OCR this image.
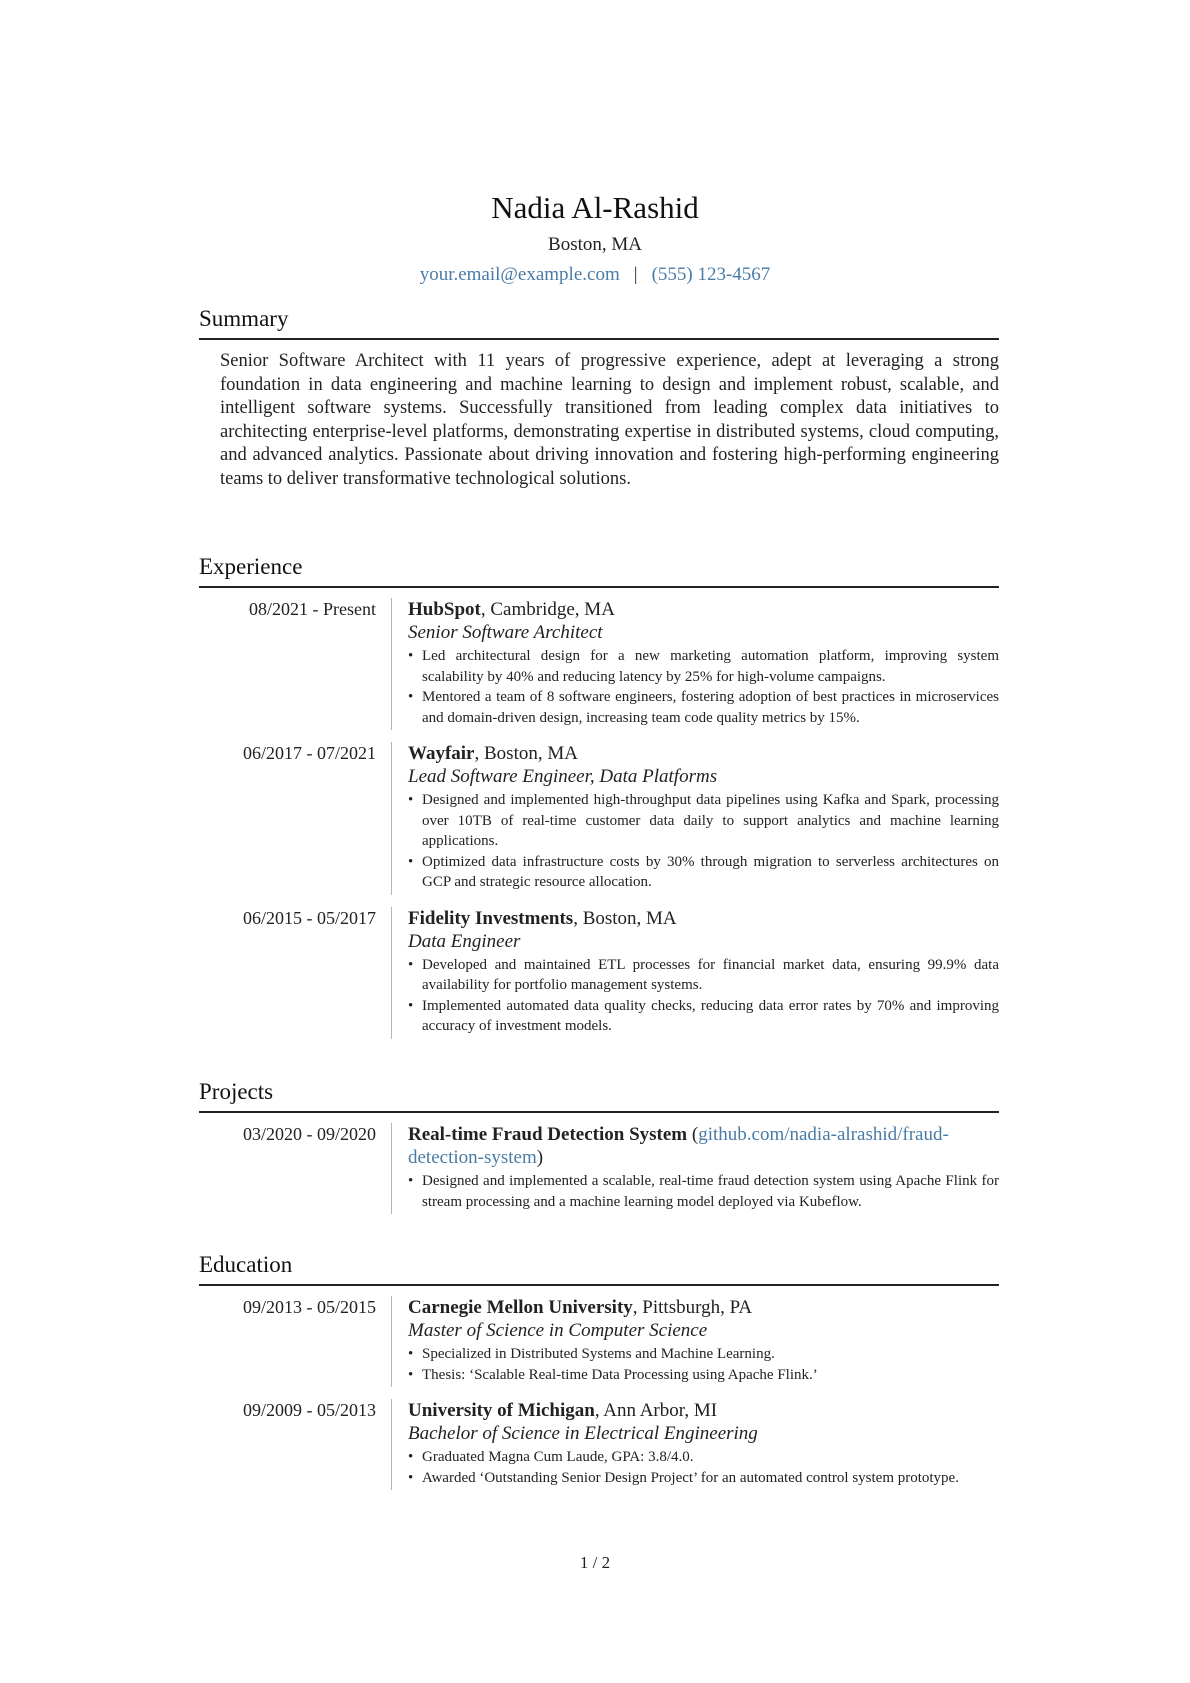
Nadia Al-Rashid
Boston, MA
your.email@example.com | (555) 123-4567
Summary
Senior Software Architect with 11 years of progressive experience, adept at leveraging a strong foundation in data engineering and machine learning to design and implement robust, scalable, and intelligent software systems. Successfully transitioned from leading complex data initiatives to architecting enterprise-level platforms, demonstrating expertise in distributed systems, cloud computing, and advanced analytics. Passionate about driving innovation and fostering high-performing engineering teams to deliver transformative technological solutions.
Experience
08/2021 - Present	HubSpot, Cambridge, MA
Senior Software Architect
• Led architectural design for a new marketing automation platform, improving system scalability by 40% and reducing latency by 25% for high-volume campaigns.
• Mentored a team of 8 software engineers, fostering adoption of best practices in microservices and domain-driven design, increasing team code quality metrics by 15%.
06/2017 - 07/2021	Wayfair, Boston, MA
Lead Software Engineer, Data Platforms
• Designed and implemented high-throughput data pipelines using Kafka and Spark, processing over 10TB of real-time customer data daily to support analytics and machine learning applications.
• Optimized data infrastructure costs by 30% through migration to serverless architectures on GCP and strategic resource allocation.
06/2015 - 05/2017	Fidelity Investments, Boston, MA
Data Engineer
• Developed and maintained ETL processes for financial market data, ensuring 99.9% data availability for portfolio management systems.
• Implemented automated data quality checks, reducing data error rates by 70% and improving accuracy of investment models.
Projects
03/2020 - 09/2020	Real-time Fraud Detection System (github.com/nadia-alrashid/fraud-detection-system)
• Designed and implemented a scalable, real-time fraud detection system using Apache Flink for stream processing and a machine learning model deployed via Kubeflow.
Education
09/2013 - 05/2015	Carnegie Mellon University, Pittsburgh, PA
Master of Science in Computer Science
• Specialized in Distributed Systems and Machine Learning.
• Thesis: ‘Scalable Real-time Data Processing using Apache Flink.’
09/2009 - 05/2013	University of Michigan, Ann Arbor, MI
Bachelor of Science in Electrical Engineering
• Graduated Magna Cum Laude, GPA: 3.8/4.0.
• Awarded ‘Outstanding Senior Design Project’ for an automated control system prototype.
1 / 2
